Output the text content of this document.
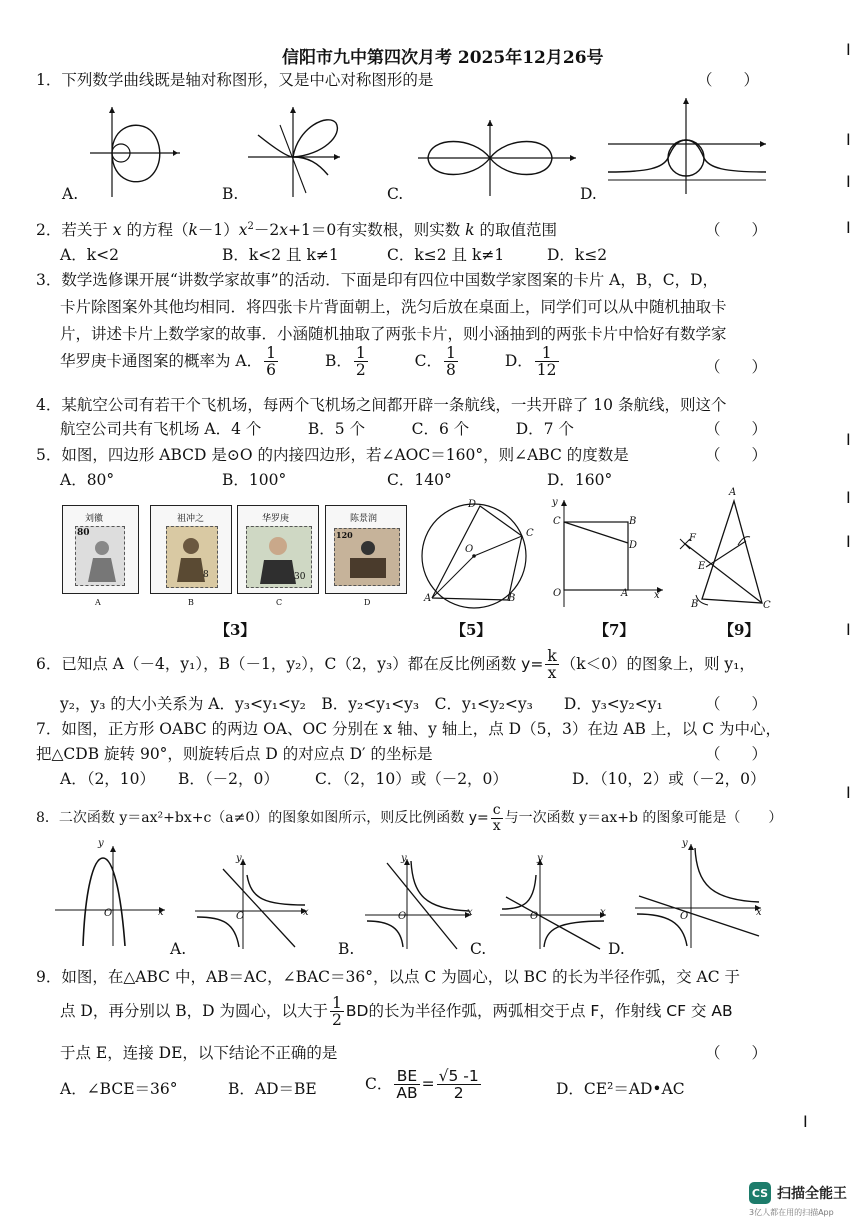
信阳市九中第四次月考 2025年12月26号
1．下列数学曲线既是轴对称图形，又是中心对称图形的是	（　　）
A.	B.	C.	D.
2．若关于 x 的方程$(k-1)x^2-2x+1=0$有实数根，则实数 k 的取值范围	（　　）
A．k<2	B．k<2 且 k≠1	C．k≤2 且 k≠1	D．k≤2
3．数学选修课开展“讲数学家故事”的活动．下面是印有四位中国数学家图案的卡片 A，B，C，D，
卡片除图案外其他均相同．将四张卡片背面朝上，洗匀后放在桌面上，同学们可以从中随机抽取卡
片，讲述卡片上数学家的故事．小涵随机抽取了两张卡片，则小涵抽到的两张卡片中恰好有数学家
华罗庚卡通图案的概率为 A． $\frac{1}{6}$	B． $\frac{1}{2}$	C． $\frac{1}{8}$	D． $\frac{1}{12}$	（　　）
4．某航空公司有若干个飞机场，每两个飞机场之间都开辟一条航线，一共开辟了 10 条航线，则这个
航空公司共有飞机场 A．4 个　　　B．5 个　　　C．6 个　　　D．7 个	（　　）
5．如图，四边形 ABCD 是⊙O 的内接四边形，若∠AOC＝160°，则∠ABC 的度数是	（　　）
A．80°	B．100°	C．140°	D．160°
刘徽
80
A
祖冲之
8
B
华罗庚
30
C
陈景润
120
D
D
C
O
A	B
y
C	B
D
O	A	x
A
F
E
B	C
【3】	【5】	【7】	【9】
6．已知点 A（－4，y₁），B（－1，y₂），C（2，y₃）都在反比例函数 $y= \frac{k}{x} (k<0)$的图象上，则 y₁，
y₂，y₃ 的大小关系为 A．y₃<y₁<y₂　B．y₂<y₁<y₃　C．y₁<y₂<y₃　　D．y₃<y₂<y₁	（　　）
7．如图，正方形 OABC 的两边 OA、OC 分别在 x 轴、y 轴上，点 D（5，3）在边 AB 上，以 C 为中心，
把△CDB 旋转 90°，则旋转后点 D 的对应点 D′ 的坐标是	（　　）
A．（2，10） B．（－2，0） C．（2，10）或（－2，0）	D．（10，2）或（－2，0）
8．二次函数 y＝ax²+bx+c（a≠0）的图象如图所示，则反比例函数 $y= \frac{c}{x}$ 与一次函数 y＝ax+b 的图象可能是（　　）
y
O	x
A.
y
O	x
B.
y
O	x
C.
y
O	x
D.
y
O	x
9．如图，在△ABC 中，AB＝AC，∠BAC＝36°，以点 C 为圆心，以 BC 的长为半径作弧，交 AC 于
点 D，再分别以 B，D 为圆心，以大于 $\frac{1}{2}$ BD的长为半径作弧，两弧相交于点 F，作射线 CF 交 AB
于点 E，连接 DE，以下结论不正确的是	（　　）
A．∠BCE＝36°	B．AD＝BE	C． $\frac{BE}{AB} = \frac{√5 -1}{2}$	D．CE²＝AD•AC
I
I
I
I
I
I
I
I
I
I
CS 扫描全能王
3亿人都在用的扫描App
